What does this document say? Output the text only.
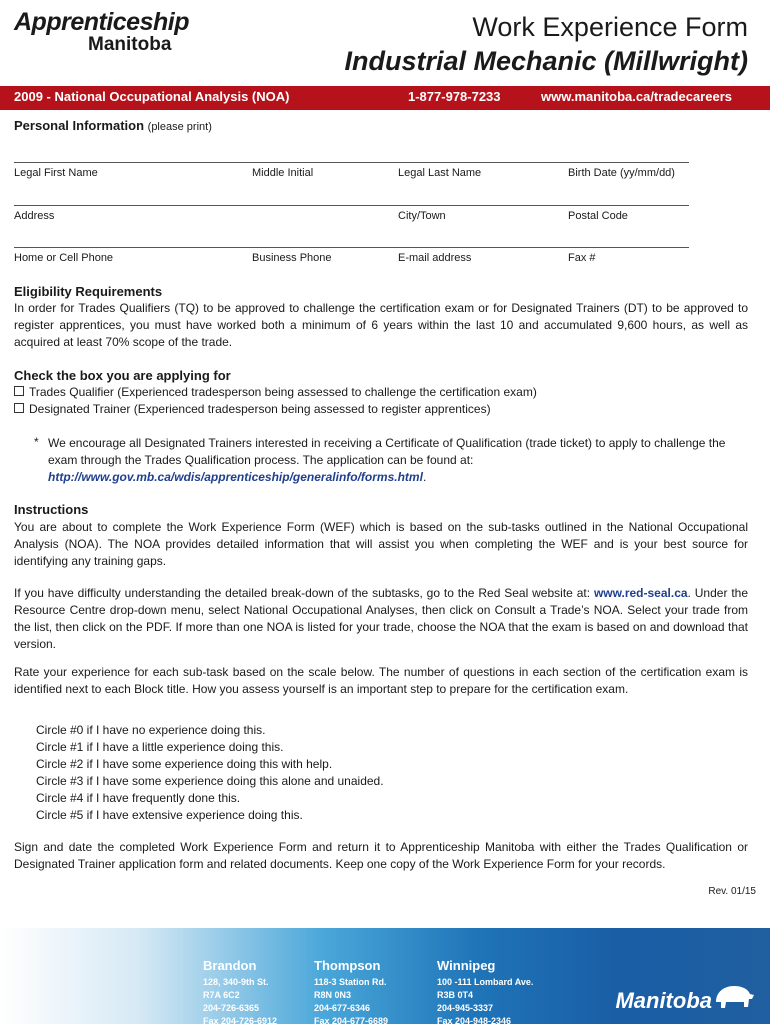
Apprenticeship
Manitoba
Work Experience Form
Industrial Mechanic (Millwright)
2009 - National Occupational Analysis (NOA)	1-877-978-7233	www.manitoba.ca/tradecareers
Personal Information (please print)
Legal First Name	Middle Initial	Legal Last Name	Birth Date (yy/mm/dd)
Address	City/Town	Postal Code
Home or Cell Phone	Business Phone	E-mail address	Fax #
Eligibility Requirements
In order for Trades Qualifiers (TQ) to be approved to challenge the certification exam or for Designated Trainers (DT) to be approved to register apprentices, you must have worked both a minimum of 6 years within the last 10 and accumulated 9,600 hours, as well as acquired at least 70% scope of the trade.
Check the box you are applying for
Trades Qualifier (Experienced tradesperson being assessed to challenge the certification exam)
Designated Trainer (Experienced tradesperson being assessed to register apprentices)
* We encourage all Designated Trainers interested in receiving a Certificate of Qualification (trade ticket) to apply to challenge the exam through the Trades Qualification process. The application can be found at: http://www.gov.mb.ca/wdis/apprenticeship/generalinfo/forms.html.
Instructions
You are about to complete the Work Experience Form (WEF) which is based on the sub-tasks outlined in the National Occupational Analysis (NOA). The NOA provides detailed information that will assist you when completing the WEF and is your best source for identifying any training gaps.
If you have difficulty understanding the detailed break-down of the subtasks, go to the Red Seal website at: www.red-seal.ca. Under the Resource Centre drop-down menu, select National Occupational Analyses, then click on Consult a Trade’s NOA. Select your trade from the list, then click on the PDF. If more than one NOA is listed for your trade, choose the NOA that the exam is based on and download that version.
Rate your experience for each sub-task based on the scale below. The number of questions in each section of the certification exam is identified next to each Block title. How you assess yourself is an important step to prepare for the certification exam.
Circle #0 if I have no experience doing this.
Circle #1 if I have a little experience doing this.
Circle #2 if I have some experience doing this with help.
Circle #3 if I have some experience doing this alone and unaided.
Circle #4 if I have frequently done this.
Circle #5 if I have extensive experience doing this.
Sign and date the completed Work Experience Form and return it to Apprenticeship Manitoba with either the Trades Qualification or Designated Trainer application form and related documents. Keep one copy of the Work Experience Form for your records.
Rev. 01/15
Brandon
128, 340-9th St.
R7A 6C2
204-726-6365
Fax 204-726-6912
Thompson
118-3 Station Rd.
R8N 0N3
204-677-6346
Fax 204-677-6689
Winnipeg
100 -111 Lombard Ave.
R3B 0T4
204-945-3337
Fax 204-948-2346
Manitoba
